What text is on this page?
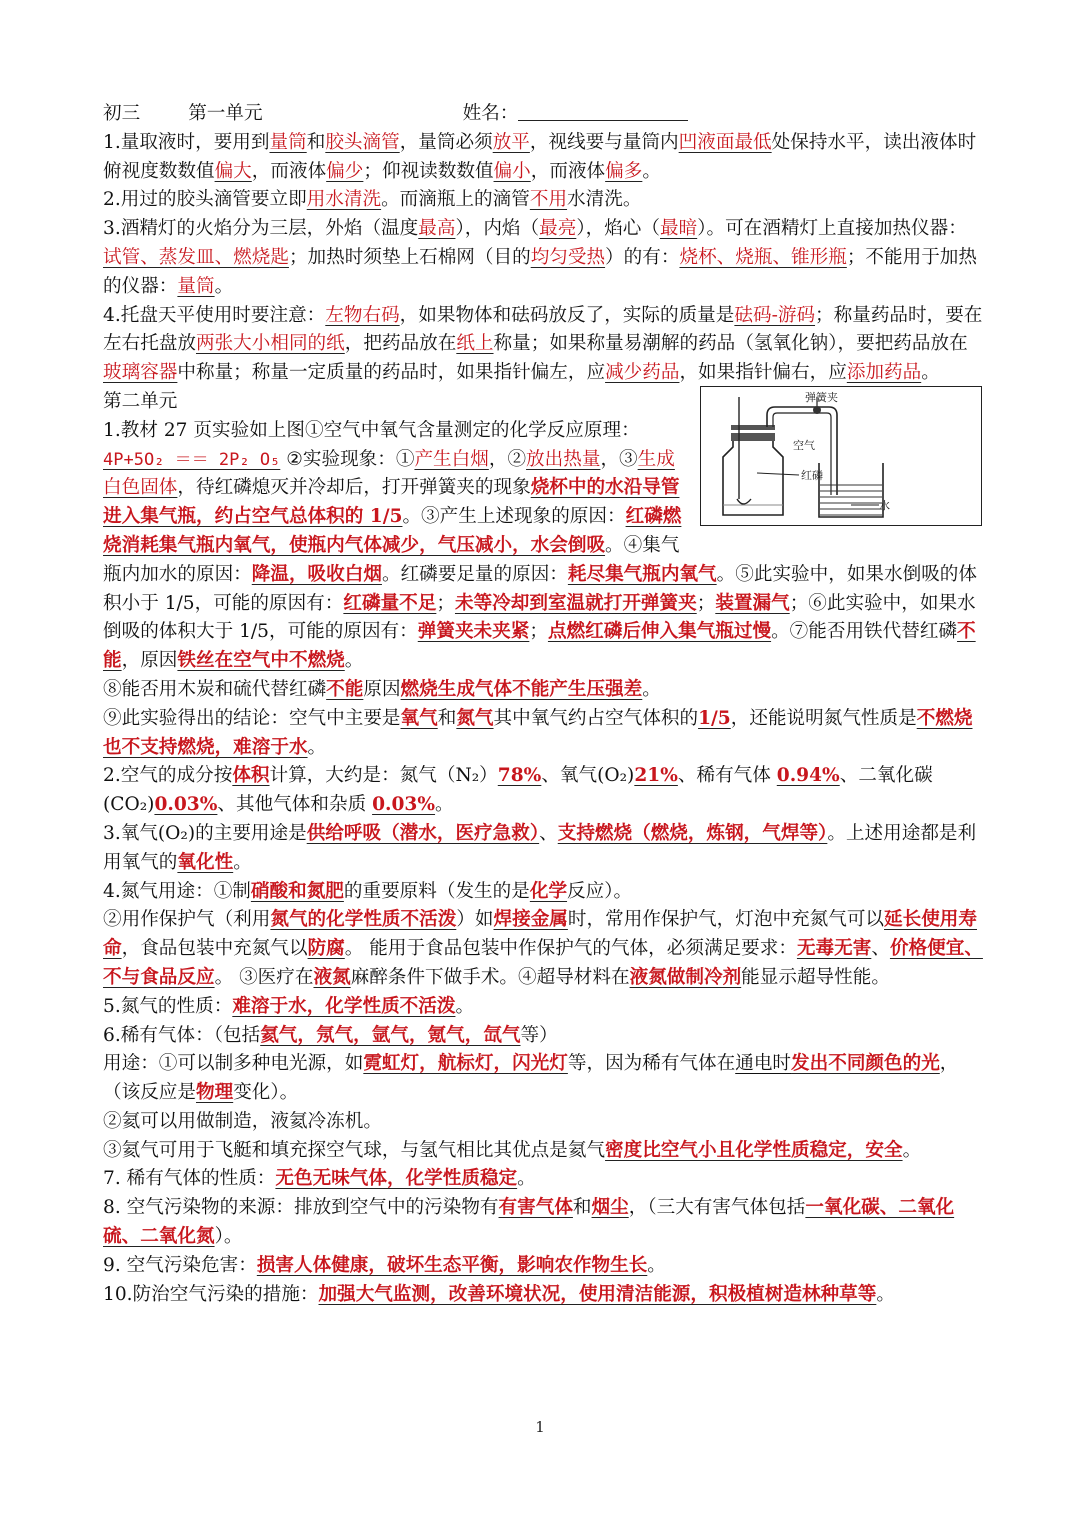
初三	第一单元	姓名：

1.量取液时，要用到量筒和胶头滴管，量筒必须放平，视线要与量筒内凹液面最低处保持水平，读出液体时俯视度数数值偏大，而液体偏少；仰视读数数值偏小，而液体偏多。

2.用过的胶头滴管要立即用水清洗。而滴瓶上的滴管不用水清洗。

3.酒精灯的火焰分为三层，外焰（温度最高），内焰（最亮），焰心（最暗）。可在酒精灯上直接加热仪器：试管、蒸发皿、燃烧匙；加热时须垫上石棉网（目的均匀受热）的有：烧杯、烧瓶、锥形瓶；不能用于加热的仪器：量筒。

4.托盘天平使用时要注意：左物右码，如果物体和砝码放反了，实际的质量是砝码-游码；称量药品时，要在左右托盘放两张大小相同的纸，把药品放在纸上称量；如果称量易潮解的药品（氢氧化钠），要把药品放在玻璃容器中称量；称量一定质量的药品时，如果指针偏左，应减少药品，如果指针偏右，应添加药品。

第二单元

1.教材 27 页实验如上图①空气中氧气含量测定的化学反应原理：4P+5O₂ ＝＝ 2P₂ O₅ ②实验现象：①产生白烟，②放出热量，③生成白色固体，待红磷熄灭并冷却后，打开弹簧夹的现象烧杯中的水沿导管进入集气瓶，约占空气总体积的 1/5。③产生上述现象的原因：红磷燃烧消耗集气瓶内氧气，使瓶内气体减少，气压减小，水会倒吸。④集气瓶内加水的原因：降温，吸收白烟。红磷要足量的原因：耗尽集气瓶内氧气。⑤此实验中，如果水倒吸的体积小于 1/5，可能的原因有：红磷量不足；未等冷却到室温就打开弹簧夹；装置漏气；⑥此实验中，如果水倒吸的体积大于 1/5，可能的原因有：弹簧夹未夹紧；点燃红磷后伸入集气瓶过慢。⑦能否用铁代替红磷不能，原因铁丝在空气中不燃烧。

⑧能否用木炭和硫代替红磷不能原因燃烧生成气体不能产生压强差。

⑨此实验得出的结论：空气中主要是氧气和氮气其中氧气约占空气体积的1/5，还能说明氮气性质是不燃烧也不支持燃烧，难溶于水。

2.空气的成分按体积计算，大约是：氮气（N₂）78%、氧气(O₂)21%、稀有气体 0.94%、二氧化碳(CO₂)0.03%、其他气体和杂质 0.03%。

3.氧气(O₂)的主要用途是供给呼吸（潜水，医疗急救）、支持燃烧（燃烧，炼钢，气焊等）。上述用途都是利用氧气的氧化性。

4.氮气用途：①制硝酸和氮肥的重要原料（发生的是化学反应）。

②用作保护气（利用氮气的化学性质不活泼）如焊接金属时，常用作保护气，灯泡中充氮气可以延长使用寿命，食品包装中充氮气以防腐。 能用于食品包装中作保护气的气体，必须满足要求：无毒无害、价格便宜、不与食品反应。 ③医疗在液氮麻醉条件下做手术。④超导材料在液氮做制冷剂能显示超导性能。

5.氮气的性质：难溶于水，化学性质不活泼。

6.稀有气体：（包括氦气，氖气，氩气，氪气，氙气等）

用途：①可以制多种电光源，如霓虹灯，航标灯，闪光灯等，因为稀有气体在通电时发出不同颜色的光，（该反应是物理变化）。

②氦可以用做制造，液氦冷冻机。

③氦气可用于飞艇和填充探空气球，与氢气相比其优点是氦气密度比空气小且化学性质稳定，安全。

7. 稀有气体的性质：无色无味气体，化学性质稳定。

8. 空气污染物的来源：排放到空气中的污染物有有害气体和烟尘，（三大有害气体包括一氧化碳、二氧化硫、二氧化氮）。

9. 空气污染危害：损害人体健康，破坏生态平衡，影响农作物生长。

10.防治空气污染的措施：加强大气监测，改善环境状况，使用清洁能源，积极植树造林种草等。

弹簧夹
空气
红磷
水
1
